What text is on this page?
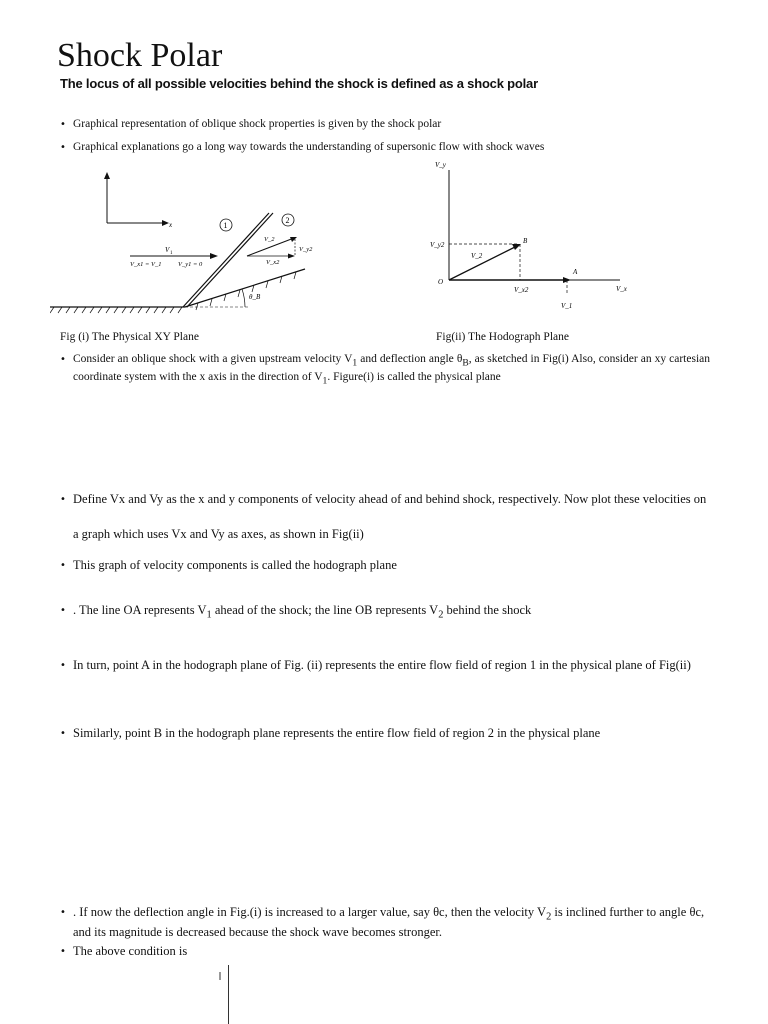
Shock Polar
The locus of all possible velocities behind the shock is defined as a shock polar
• Graphical representation of oblique shock properties is given by the shock polar
• Graphical explanations go a long way towards the understanding of supersonic flow with shock waves
x
θ_B
1
2
V 1
V_x1 = V_1	V_y1 = 0
V_2
V_x2
V_y2
V_y
V_x
O
A
B
V_2
V_y2
V_x2
V_1
Fig (i) The Physical XY Plane	Fig(ii) The Hodograph Plane
• Consider an oblique shock with a given upstream velocity $V_1$ and deflection angle $\theta_B$, as sketched in Fig(i) Also, consider an xy cartesian coordinate system with the x axis in the direction of $V_1$. Figure(i) is called the physical plane
• Define Vx and Vy as the x and y components of velocity ahead of and behind shock, respectively. Now plot these velocities on a graph which uses Vx and Vy as axes, as shown in Fig(ii)
• This graph of velocity components is called the hodograph plane
• . The line OA represents $V_1$ ahead of the shock; the line OB represents $V_2$ behind the shock
• In turn, point A in the hodograph plane of Fig. (ii) represents the entire flow field of region 1 in the physical plane of Fig(ii)
• Similarly, point B in the hodograph plane represents the entire flow field of region 2 in the physical plane
• . If now the deflection angle in Fig.(i) is increased to a larger value, say θc, then the velocity $V_2$ is inclined further to angle θc, and its magnitude is decreased because the shock wave becomes stronger.
• The above condition is
